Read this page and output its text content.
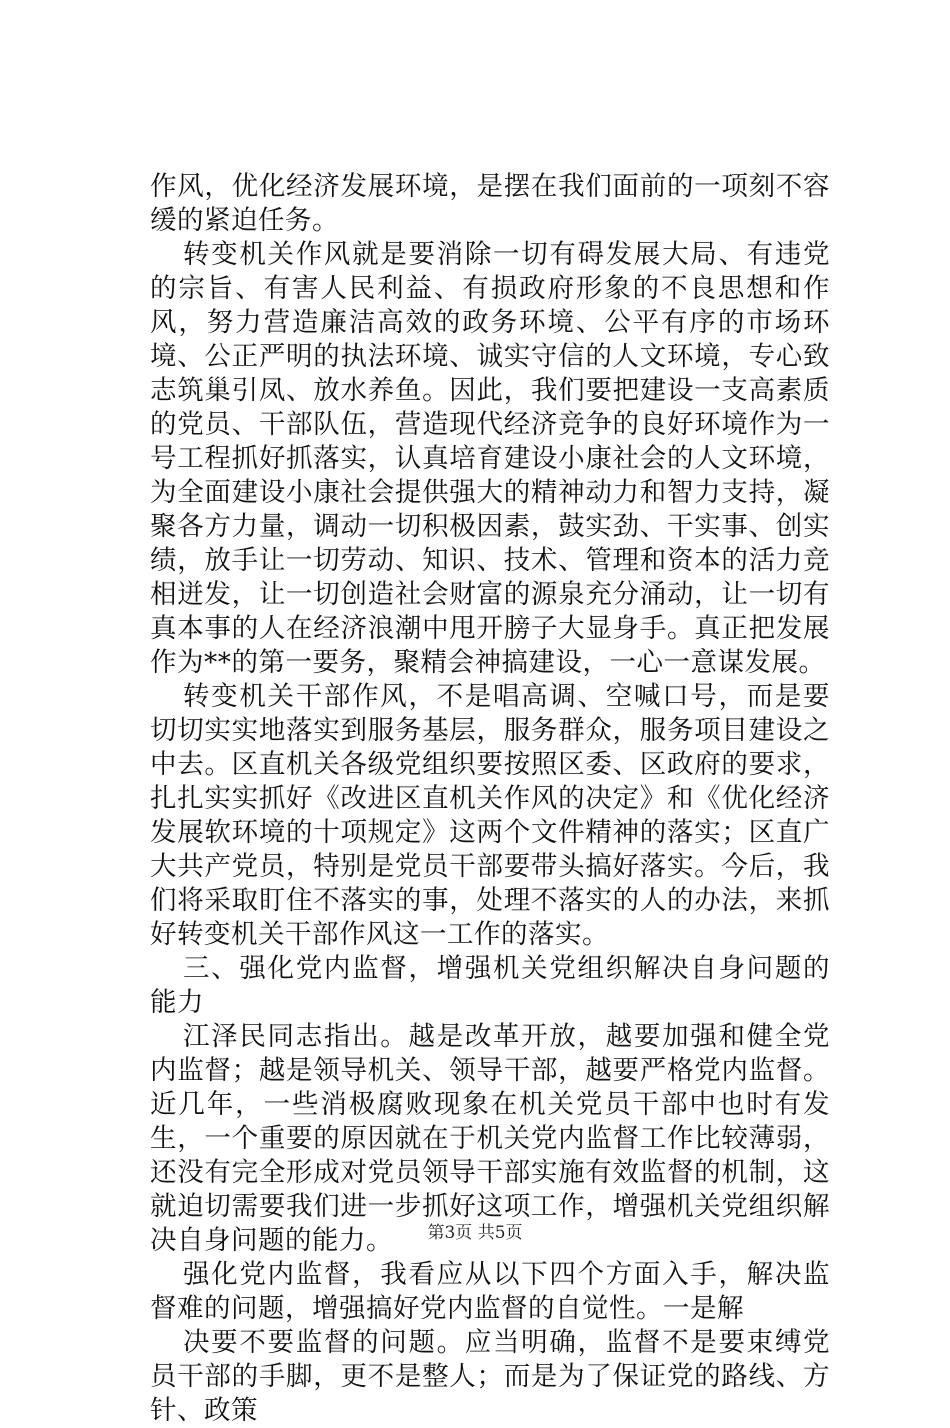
作风，优化经济发展环境，是摆在我们面前的一项刻不容缓的紧迫任务。

转变机关作风就是要消除一切有碍发展大局、有违党的宗旨、有害人民利益、有损政府形象的不良思想和作风，努力营造廉洁高效的政务环境、公平有序的市场环境、公正严明的执法环境、诚实守信的人文环境，专心致志筑巢引凤、放水养鱼。因此，我们要把建设一支高素质的党员、干部队伍，营造现代经济竞争的良好环境作为一号工程抓好抓落实，认真培育建设小康社会的人文环境，为全面建设小康社会提供强大的精神动力和智力支持，凝聚各方力量，调动一切积极因素，鼓实劲、干实事、创实绩，放手让一切劳动、知识、技术、管理和资本的活力竞相迸发，让一切创造社会财富的源泉充分涌动，让一切有真本事的人在经济浪潮中甩开膀子大显身手。真正把发展作为**的第一要务，聚精会神搞建设，一心一意谋发展。

转变机关干部作风，不是唱高调、空喊口号，而是要切切实实地落实到服务基层，服务群众，服务项目建设之中去。区直机关各级党组织要按照区委、区政府的要求，扎扎实实抓好《改进区直机关作风的决定》和《优化经济发展软环境的十项规定》这两个文件精神的落实；区直广大共产党员，特别是党员干部要带头搞好落实。今后，我们将采取盯住不落实的事，处理不落实的人的办法，来抓好转变机关干部作风这一工作的落实。

三、强化党内监督，增强机关党组织解决自身问题的能力

江泽民同志指出。越是改革开放，越要加强和健全党内监督；越是领导机关、领导干部，越要严格党内监督。近几年，一些消极腐败现象在机关党员干部中也时有发生，一个重要的原因就在于机关党内监督工作比较薄弱，还没有完全形成对党员领导干部实施有效监督的机制，这就迫切需要我们进一步抓好这项工作，增强机关党组织解决自身问题的能力。

强化党内监督，我看应从以下四个方面入手，解决监督难的问题，增强搞好党内监督的自觉性。一是解

决要不要监督的问题。应当明确，监督不是要束缚党员干部的手脚，更不是整人；而是为了保证党的路线、方针、政策

第3页 共5页
